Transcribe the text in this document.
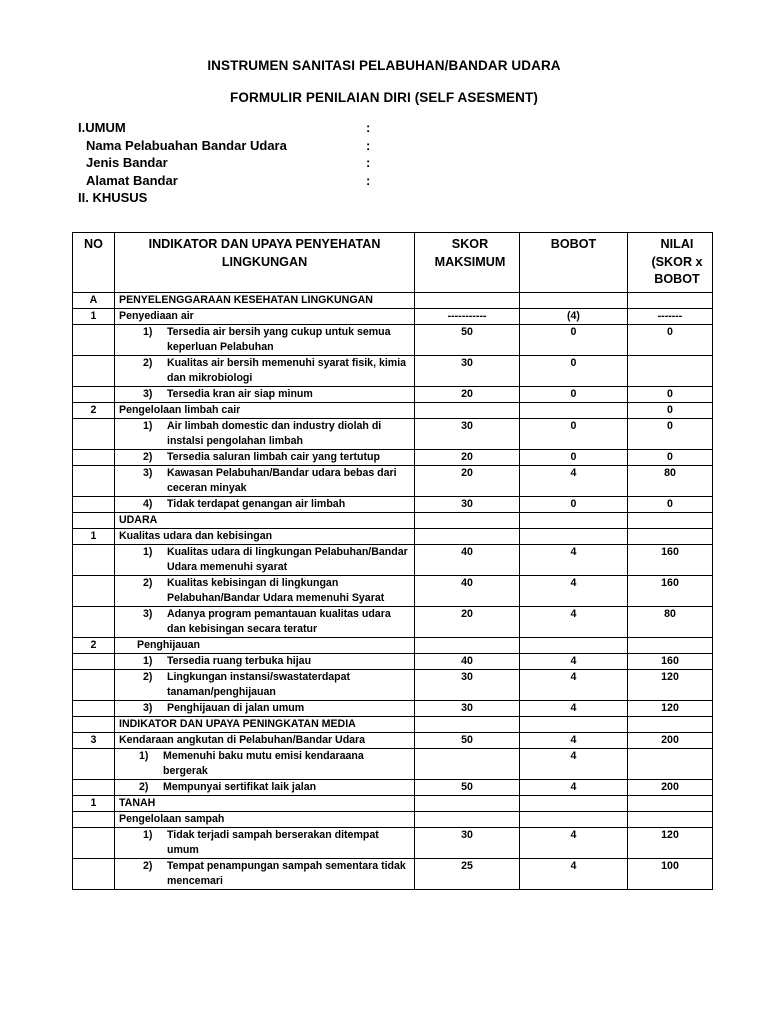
INSTRUMEN SANITASI PELABUHAN/BANDAR UDARA
FORMULIR PENILAIAN DIRI (SELF ASESMENT)
I.UMUM	:
Nama Pelabuahan Bandar Udara	:
Jenis Bandar	:
Alamat Bandar	:
II. KHUSUS
NO	INDIKATOR DAN UPAYA PENYEHATAN LINGKUNGAN	SKOR MAKSIMUM	BOBOT	NILAI (SKOR x BOBOT
A	PENYELENGGARAAN KESEHATAN LINGKUNGAN			
1	Penyediaan air	-----------	(4)	-------

	1) Tersedia air bersih yang cukup untuk semua keperluan Pelabuhan	50	0	0

	2) Kualitas air bersih memenuhi syarat fisik, kimia dan mikrobiologi	30	0	

	3) Tersedia kran air siap minum	20	0	0
2	Pengelolaan limbah cair			0

	1) Air limbah domestic dan industry diolah di instalsi pengolahan limbah	30	0	0

	2) Tersedia saluran limbah cair yang tertutup	20	0	0

	3) Kawasan Pelabuhan/Bandar udara bebas dari ceceran minyak	20	4	80

	4) Tidak terdapat genangan air limbah	30	0	0
	UDARA			
1	Kualitas udara dan kebisingan			

	1) Kualitas udara di lingkungan Pelabuhan/Bandar Udara memenuhi syarat	40	4	160

	2) Kualitas kebisingan di lingkungan Pelabuhan/Bandar Udara memenuhi Syarat	40	4	160

	3) Adanya program pemantauan kualitas udara dan kebisingan secara teratur	20	4	80
2	Penghijauan			

	1) Tersedia ruang terbuka hijau	40	4	160

	2) Lingkungan instansi/swastaterdapat tanaman/penghijauan	30	4	120

	3) Penghijauan di jalan umum	30	4	120
	INDIKATOR DAN UPAYA PENINGKATAN MEDIA			
3	Kendaraan angkutan di Pelabuhan/Bandar Udara	50	4	200

	1) Memenuhi baku mutu emisi kendaraana bergerak		4	

	2) Mempunyai sertifikat laik jalan	50	4	200
1	TANAH			
	Pengelolaan sampah			

	1) Tidak terjadi sampah berserakan ditempat umum	30	4	120

	2) Tempat penampungan sampah sementara tidak mencemari	25	4	100
